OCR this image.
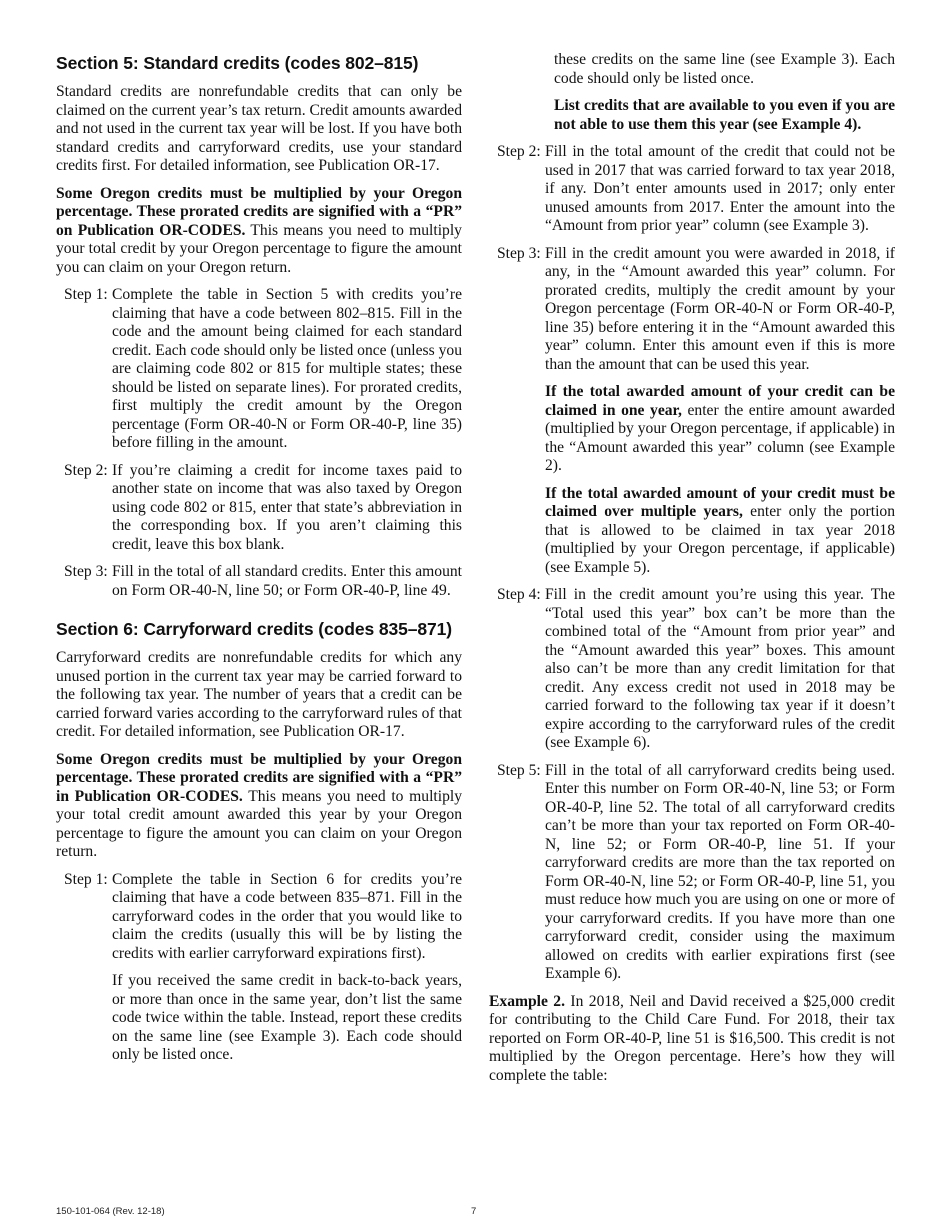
Section 5: Standard credits (codes 802–815)

Standard credits are nonrefundable credits that can only be claimed on the current year’s tax return. Credit amounts awarded and not used in the current tax year will be lost. If you have both standard credits and carryforward credits, use your standard credits first. For detailed information, see Publication OR-17.

Some Oregon credits must be multiplied by your Oregon percentage. These prorated credits are signified with a “PR” on Publication OR-CODES. This means you need to multiply your total credit by your Oregon percentage to figure the amount you can claim on your Oregon return.

Step 1: Complete the table in Section 5 with credits you’re claiming that have a code between 802–815. Fill in the code and the amount being claimed for each standard credit. Each code should only be listed once (unless you are claiming code 802 or 815 for multiple states; these should be listed on separate lines). For prorated credits, first multiply the credit amount by the Oregon percentage (Form OR-40-N or Form OR-40-P, line 35) before filling in the amount.

Step 2: If you’re claiming a credit for income taxes paid to another state on income that was also taxed by Oregon using code 802 or 815, enter that state’s abbreviation in the corresponding box. If you aren’t claiming this credit, leave this box blank.

Step 3: Fill in the total of all standard credits. Enter this amount on Form OR-40-N, line 50; or Form OR-40-P, line 49.

Section 6: Carryforward credits (codes 835–871)

Carryforward credits are nonrefundable credits for which any unused portion in the current tax year may be carried forward to the following tax year. The number of years that a credit can be carried forward varies according to the carryforward rules of that credit. For detailed information, see Publication OR-17.

Some Oregon credits must be multiplied by your Oregon percentage. These prorated credits are signified with a “PR” in Publication OR-CODES. This means you need to multiply your total credit amount awarded this year by your Oregon percentage to figure the amount you can claim on your Oregon return.

Step 1: Complete the table in Section 6 for credits you’re claiming that have a code between 835–871. Fill in the carryforward codes in the order that you would like to claim the credits (usually this will be by listing the credits with earlier carryforward expirations first).

If you received the same credit in back-to-back years, or more than once in the same year, don’t list the same code twice within the table. Instead, report these credits on the same line (see Example 3). Each code should only be listed once.

these credits on the same line (see Example 3). Each code should only be listed once.

List credits that are available to you even if you are not able to use them this year (see Example 4).

Step 2: Fill in the total amount of the credit that could not be used in 2017 that was carried forward to tax year 2018, if any. Don’t enter amounts used in 2017; only enter unused amounts from 2017. Enter the amount into the “Amount from prior year” column (see Example 3).

Step 3: Fill in the credit amount you were awarded in 2018, if any, in the “Amount awarded this year” column. For prorated credits, multiply the credit amount by your Oregon percentage (Form OR-40-N or Form OR-40-P, line 35) before entering it in the “Amount awarded this year” column. Enter this amount even if this is more than the amount that can be used this year.

If the total awarded amount of your credit can be claimed in one year, enter the entire amount awarded (multiplied by your Oregon percentage, if applicable) in the “Amount awarded this year” column (see Example 2).

If the total awarded amount of your credit must be claimed over multiple years, enter only the portion that is allowed to be claimed in tax year 2018 (multiplied by your Oregon percentage, if applicable) (see Example 5).

Step 4: Fill in the credit amount you’re using this year. The “Total used this year” box can’t be more than the combined total of the “Amount from prior year” and the “Amount awarded this year” boxes. This amount also can’t be more than any credit limitation for that credit. Any excess credit not used in 2018 may be carried forward to the following tax year if it doesn’t expire according to the carryforward rules of the credit (see Example 6).

Step 5: Fill in the total of all carryforward credits being used. Enter this number on Form OR-40-N, line 53; or Form OR-40-P, line 52. The total of all carryforward credits can’t be more than your tax reported on Form OR-40-N, line 52; or Form OR-40-P, line 51. If your carryforward credits are more than the tax reported on Form OR-40-N, line 52; or Form OR-40-P, line 51, you must reduce how much you are using on one or more of your carryforward credits. If you have more than one carryforward credit, consider using the maximum allowed on credits with earlier expirations first (see Example 6).

Example 2. In 2018, Neil and David received a $25,000 credit for contributing to the Child Care Fund. For 2018, their tax reported on Form OR-40-P, line 51 is $16,500. This credit is not multiplied by the Oregon percentage. Here’s how they will complete the table:

150-101-064 (Rev. 12-18)	7
